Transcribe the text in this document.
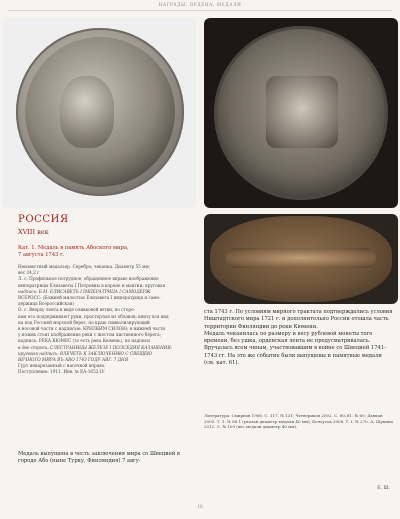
НАГРАДЫ, ОРДЕНА, МЕДАЛИ
РОССИЯ
XVIII век
Кат. 1. Медаль в память Абоского мира,
7 августа 1743 г.

Неизвестный медальер. Серебро; чеканка. Диаметр 55 мм;

вес 24,2 г

Л. с. Профильное погрудное, обращенное вправо изображение

императрицы Елизаветы I Петровны в короне и мантии; круговая

надпись: Б.М. ЕЛИСАВЕТЪ I IМПЕРАТРИЦА I САМОДЕРЖ-

ВСЕРОСС: (Божией милостью Елизавета I императрица и само-

держица Всероссийская)

О. с. Вверху лента в виде оливковой ветви, по сторо-

нам его поддерживают руки, простертые из облаков; внизу вся вид

на под Россией морской берег, по краю символизирующий

в носовой части с надписью: КРЕПКИМ СИЛОЮ; в нижней части

у ножек стоит изображение реки с жестом лиственного берега;

надпись: РЕКА КЮМЕС (то есть река Кюмень), на надписи

в две строки: СЛЕСТРАНИЦЫ ЖЕЛЕЗЕ I ПОЛСЕДИЯ КАЗАНЕНИЯ;

круговая надпись: ВЛЕЧЕТЪ К ЗАКЛЮЧЕНИЮ С СВЕЩЕЮ

ВЕЧНОГО МИРА ВЪ АВО 1743 ГОДУ АВГ. 7 ДНЯ

Гурт ненарезанный с насечкой вправо.

Поступление: 1911. Инв. № ЕА-1652-IV

ста 1743 г. По условиям мирного трактата подтверждались условия Ништадтского мира 1721 г. и дополнительно России отошла часть территории Финляндии до реки Кюмени.
Медаль чеканилась по размеру и весу рублевой монеты того времени, без ушка, орденская лента не предусматривалась. Вручалась всем чинам, участвовавшим в войне со Швецией 1741–1743 гг. На это же событие были выпущены и памятные медали (см. кат. 61).
Литература: Смирнов 1908. С. 117. № 131; Четвериков 2002. С. 80–81. № 60; Дьяков 2005. Т. 1. № 88.1 (указан диаметр медали 40 мм); Белоусов 2008. Т. I. № 270. А; Щукина 2012. С. № 109 (вес медали диаметр 40 мм).
Медаль выпущена в честь заключения мира со Швецией в городе Або (ныне Турку, Финляндия) 7 авгу-
Е. Ш.
18
